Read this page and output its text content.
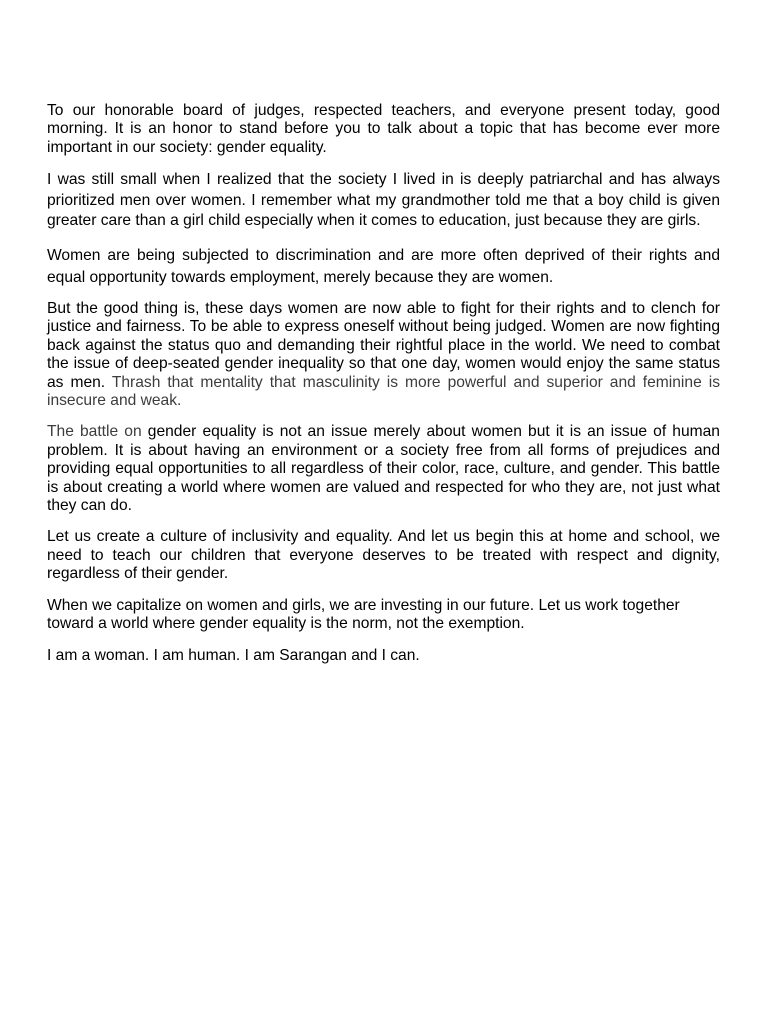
To our honorable board of judges, respected teachers, and everyone present today, good morning. It is an honor to stand before you to talk about a topic that has become ever more important in our society: gender equality.

I was still small when I realized that the society I lived in is deeply patriarchal and has always prioritized men over women. I remember what my grandmother told me that a boy child is given greater care than a girl child especially when it comes to education, just because they are girls.

Women are being subjected to discrimination and are more often deprived of their rights and equal opportunity towards employment, merely because they are women.

But the good thing is, these days women are now able to fight for their rights and to clench for justice and fairness. To be able to express oneself without being judged. Women are now fighting back against the status quo and demanding their rightful place in the world. We need to combat the issue of deep-seated gender inequality so that one day, women would enjoy the same status as men. Thrash that mentality that masculinity is more powerful and superior and feminine is insecure and weak.

The battle on gender equality is not an issue merely about women but it is an issue of human problem. It is about having an environment or a society free from all forms of prejudices and providing equal opportunities to all regardless of their color, race, culture, and gender. This battle is about creating a world where women are valued and respected for who they are, not just what they can do.

Let us create a culture of inclusivity and equality. And let us begin this at home and school, we need to teach our children that everyone deserves to be treated with respect and dignity, regardless of their gender.

When we capitalize on women and girls, we are investing in our future. Let us work together toward a world where gender equality is the norm, not the exemption.

I am a woman. I am human. I am Sarangan and I can.
